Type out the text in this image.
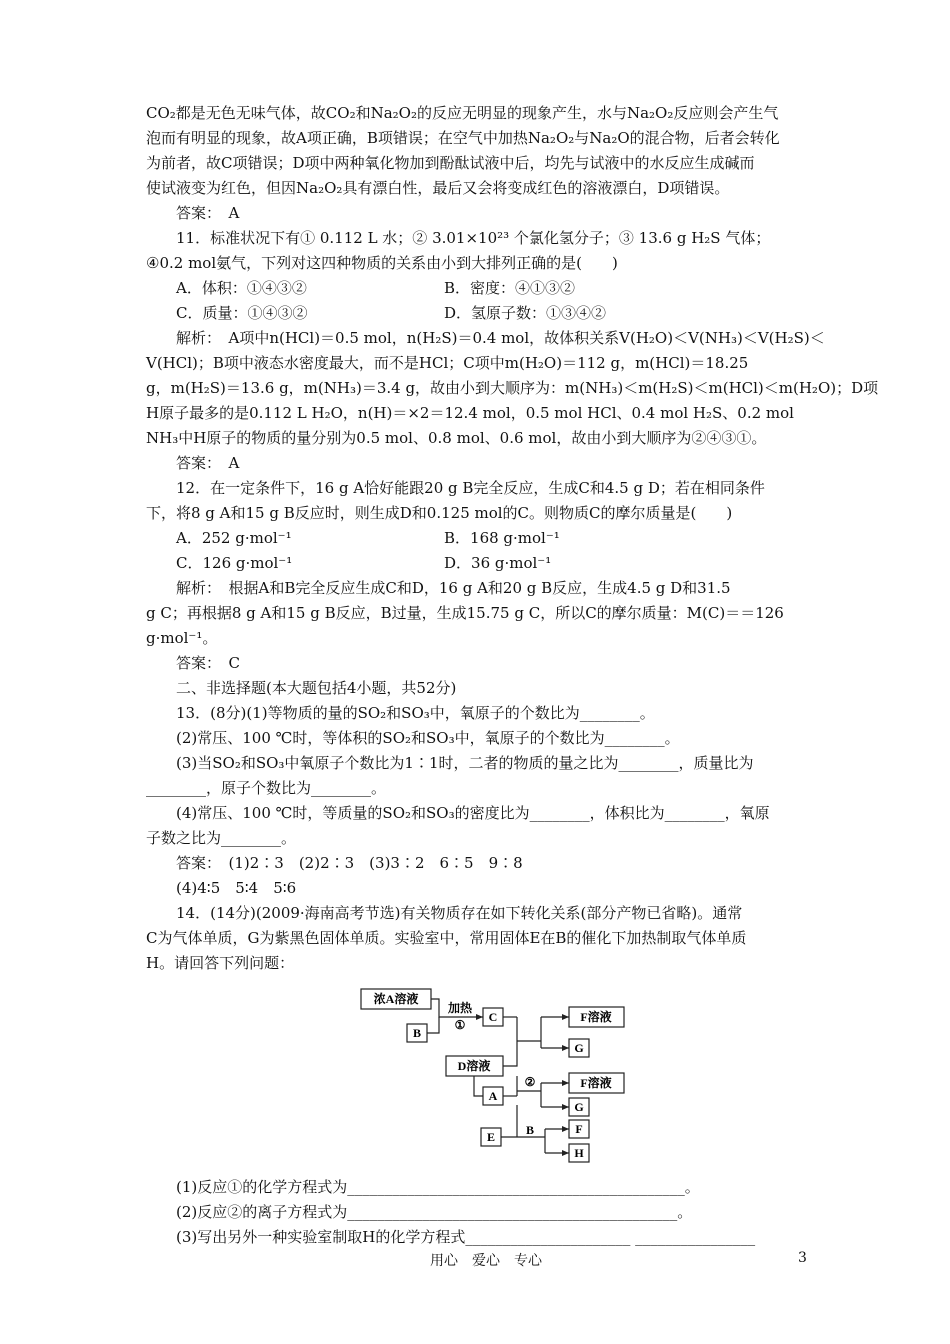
CO₂都是无色无味气体，故CO₂和Na₂O₂的反应无明显的现象产生，水与Na₂O₂反应则会产生气
泡而有明显的现象，故A项正确，B项错误；在空气中加热Na₂O₂与Na₂O的混合物，后者会转化
为前者，故C项错误；D项中两种氧化物加到酚酞试液中后，均先与试液中的水反应生成碱而
使试液变为红色，但因Na₂O₂具有漂白性，最后又会将变成红色的溶液漂白，D项错误。
答案：　A
11．标准状况下有① 0.112 L 水；② 3.01×10²³ 个氯化氢分子；③ 13.6 g H₂S 气体；
④0.2 mol氨气，下列对这四种物质的关系由小到大排列正确的是(　　)
A．体积：①④③②	B．密度：④①③②
C．质量：①④③②	D．氢原子数：①③④②
解析：　A项中n(HCl)＝0.5 mol，n(H₂S)＝0.4 mol，故体积关系V(H₂O)＜V(NH₃)＜V(H₂S)＜
V(HCl)；B项中液态水密度最大，而不是HCl；C项中m(H₂O)＝112 g，m(HCl)＝18.25
g，m(H₂S)＝13.6 g，m(NH₃)＝3.4 g，故由小到大顺序为：m(NH₃)＜m(H₂S)＜m(HCl)＜m(H₂O)；D项
H原子最多的是0.112 L H₂O，n(H)＝×2＝12.4 mol，0.5 mol HCl、0.4 mol H₂S、0.2 mol
NH₃中H原子的物质的量分别为0.5 mol、0.8 mol、0.6 mol，故由小到大顺序为②④③①。
答案：　A
12．在一定条件下，16 g A恰好能跟20 g B完全反应，生成C和4.5 g D；若在相同条件
下，将8 g A和15 g B反应时，则生成D和0.125 mol的C。则物质C的摩尔质量是(　　)
A．252 g·mol⁻¹	B．168 g·mol⁻¹
C．126 g·mol⁻¹	D．36 g·mol⁻¹
解析：　根据A和B完全反应生成C和D，16 g A和20 g B反应，生成4.5 g D和31.5
g C；再根据8 g A和15 g B反应，B过量，生成15.75 g C，所以C的摩尔质量：M(C)＝＝126
g·mol⁻¹。
答案：　C
二、非选择题(本大题包括4小题，共52分)
13．(8分)(1)等物质的量的SO₂和SO₃中，氧原子的个数比为________。
(2)常压、100 ℃时，等体积的SO₂和SO₃中，氧原子的个数比为________。
(3)当SO₂和SO₃中氧原子个数比为1∶1时，二者的物质的量之比为________，质量比为
________，原子个数比为________。
(4)常压、100 ℃时，等质量的SO₂和SO₃的密度比为________，体积比为________，氧原
子数之比为________。
答案：　(1)2∶3　(2)2∶3　(3)3∶2　6∶5　9∶8
(4)4∶5　5∶4　5∶6
14．(14分)(2009·海南高考节选)有关物质存在如下转化关系(部分产物已省略)。通常
C为气体单质，G为紫黑色固体单质。实验室中，常用固体E在B的催化下加热制取气体单质
H。请回答下列问题：
浓A溶液
B
加热
①
C	F溶液
G
D溶液
②
A
F溶液
G
E	B	F
H
(1)反应①的化学方程式为_____________________________________________。
(2)反应②的离子方程式为____________________________________________。
(3)写出另外一种实验室制取H的化学方程式______________________ ________________
用心　爱心　专心	3
